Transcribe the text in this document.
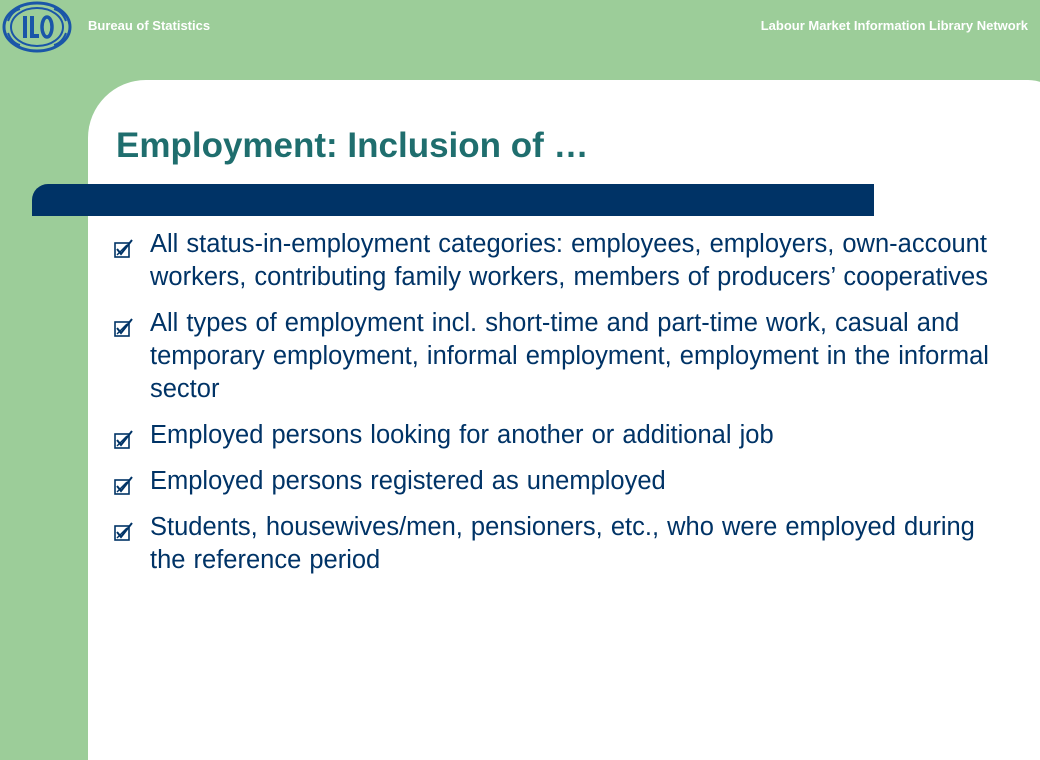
Bureau of Statistics	Labour Market Information Library Network
Employment: Inclusion of …
All status-in-employment categories: employees, employers, own-account workers, contributing family workers, members of producers’ cooperatives
All types of employment incl. short-time and part-time work, casual and temporary employment, informal employment, employment in the informal sector
Employed persons looking for another or additional job
Employed persons registered as unemployed
Students, housewives/men, pensioners, etc., who were employed during the reference period
